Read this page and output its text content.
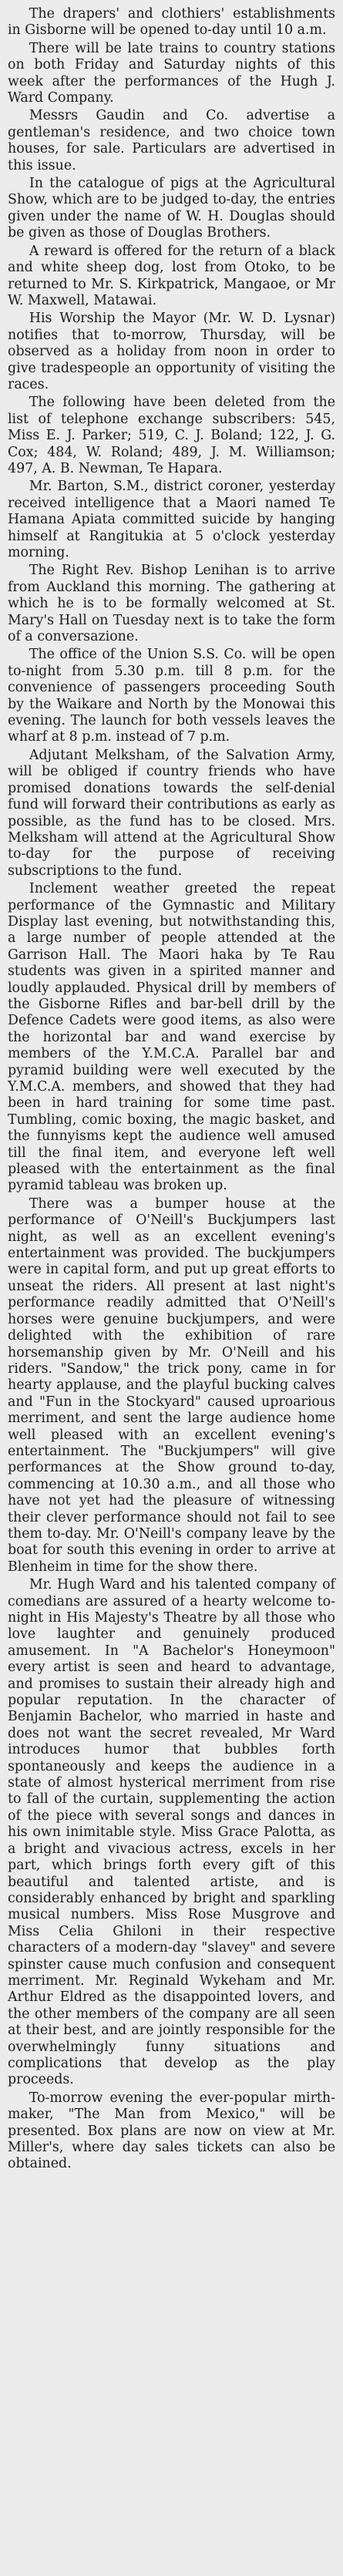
The drapers' and clothiers' establishments in Gisborne will be opened to-day until 10 a.m.

There will be late trains to country stations on both Friday and Saturday nights of this week after the performances of the Hugh J. Ward Company.

Messrs Gaudin and Co. advertise a gentleman's residence, and two choice town houses, for sale. Particulars are advertised in this issue.

In the catalogue of pigs at the Agricultural Show, which are to be judged to-day, the entries given under the name of W. H. Douglas should be given as those of Douglas Brothers.

A reward is offered for the return of a black and white sheep dog, lost from Otoko, to be returned to Mr. S. Kirkpatrick, Mangaoe, or Mr W. Maxwell, Matawai.

His Worship the Mayor (Mr. W. D. Lysnar) notifies that to-morrow, Thursday, will be observed as a holiday from noon in order to give tradespeople an opportunity of visiting the races.

The following have been deleted from the list of telephone exchange subscribers: 545, Miss E. J. Parker; 519, C. J. Boland; 122, J. G. Cox; 484, W. Roland; 489, J. M. Williamson; 497, A. B. Newman, Te Hapara.

Mr. Barton, S.M., district coroner, yesterday received intelligence that a Maori named Te Hamana Apiata committed suicide by hanging himself at Rangitukia at 5 o'clock yesterday morning.

The Right Rev. Bishop Lenihan is to arrive from Auckland this morning. The gathering at which he is to be formally welcomed at St. Mary's Hall on Tuesday next is to take the form of a conversazione.

The office of the Union S.S. Co. will be open to-night from 5.30 p.m. till 8 p.m. for the convenience of passengers proceeding South by the Waikare and North by the Monowai this evening. The launch for both vessels leaves the wharf at 8 p.m. instead of 7 p.m.

Adjutant Melksham, of the Salvation Army, will be obliged if country friends who have promised donations towards the self-denial fund will forward their contributions as early as possible, as the fund has to be closed. Mrs. Melksham will attend at the Agricultural Show to-day for the purpose of receiving subscriptions to the fund.

Inclement weather greeted the repeat performance of the Gymnastic and Military Display last evening, but notwithstanding this, a large number of people attended at the Garrison Hall. The Maori haka by Te Rau students was given in a spirited manner and loudly applauded. Physical drill by members of the Gisborne Rifles and bar-bell drill by the Defence Cadets were good items, as also were the horizontal bar and wand exercise by members of the Y.M.C.A. Parallel bar and pyramid building were well executed by the Y.M.C.A. members, and showed that they had been in hard training for some time past. Tumbling, comic boxing, the magic basket, and the funnyisms kept the audience well amused till the final item, and everyone left well pleased with the entertainment as the final pyramid tableau was broken up.

There was a bumper house at the performance of O'Neill's Buckjumpers last night, as well as an excellent evening's entertainment was provided. The buckjumpers were in capital form, and put up great efforts to unseat the riders. All present at last night's performance readily admitted that O'Neill's horses were genuine buckjumpers, and were delighted with the exhibition of rare horsemanship given by Mr. O'Neill and his riders. "Sandow," the trick pony, came in for hearty applause, and the playful bucking calves and "Fun in the Stockyard" caused uproarious merriment, and sent the large audience home well pleased with an excellent evening's entertainment. The "Buckjumpers" will give performances at the Show ground to-day, commencing at 10.30 a.m., and all those who have not yet had the pleasure of witnessing their clever performance should not fail to see them to-day. Mr. O'Neill's company leave by the boat for south this evening in order to arrive at Blenheim in time for the show there.

Mr. Hugh Ward and his talented company of comedians are assured of a hearty welcome to-night in His Majesty's Theatre by all those who love laughter and genuinely produced amusement. In "A Bachelor's Honeymoon" every artist is seen and heard to advantage, and promises to sustain their already high and popular reputation. In the character of Benjamin Bachelor, who married in haste and does not want the secret revealed, Mr Ward introduces humor that bubbles forth spontaneously and keeps the audience in a state of almost hysterical merriment from rise to fall of the curtain, supplementing the action of the piece with several songs and dances in his own inimitable style. Miss Grace Palotta, as a bright and vivacious actress, excels in her part, which brings forth every gift of this beautiful and talented artiste, and is considerably enhanced by bright and sparkling musical numbers. Miss Rose Musgrove and Miss Celia Ghiloni in their respective characters of a modern-day "slavey" and severe spinster cause much confusion and consequent merriment. Mr. Reginald Wykeham and Mr. Arthur Eldred as the disappointed lovers, and the other members of the company are all seen at their best, and are jointly responsible for the overwhelmingly funny situations and complications that develop as the play proceeds.

To-morrow evening the ever-popular mirth-maker, "The Man from Mexico," will be presented. Box plans are now on view at Mr. Miller's, where day sales tickets can also be obtained.
